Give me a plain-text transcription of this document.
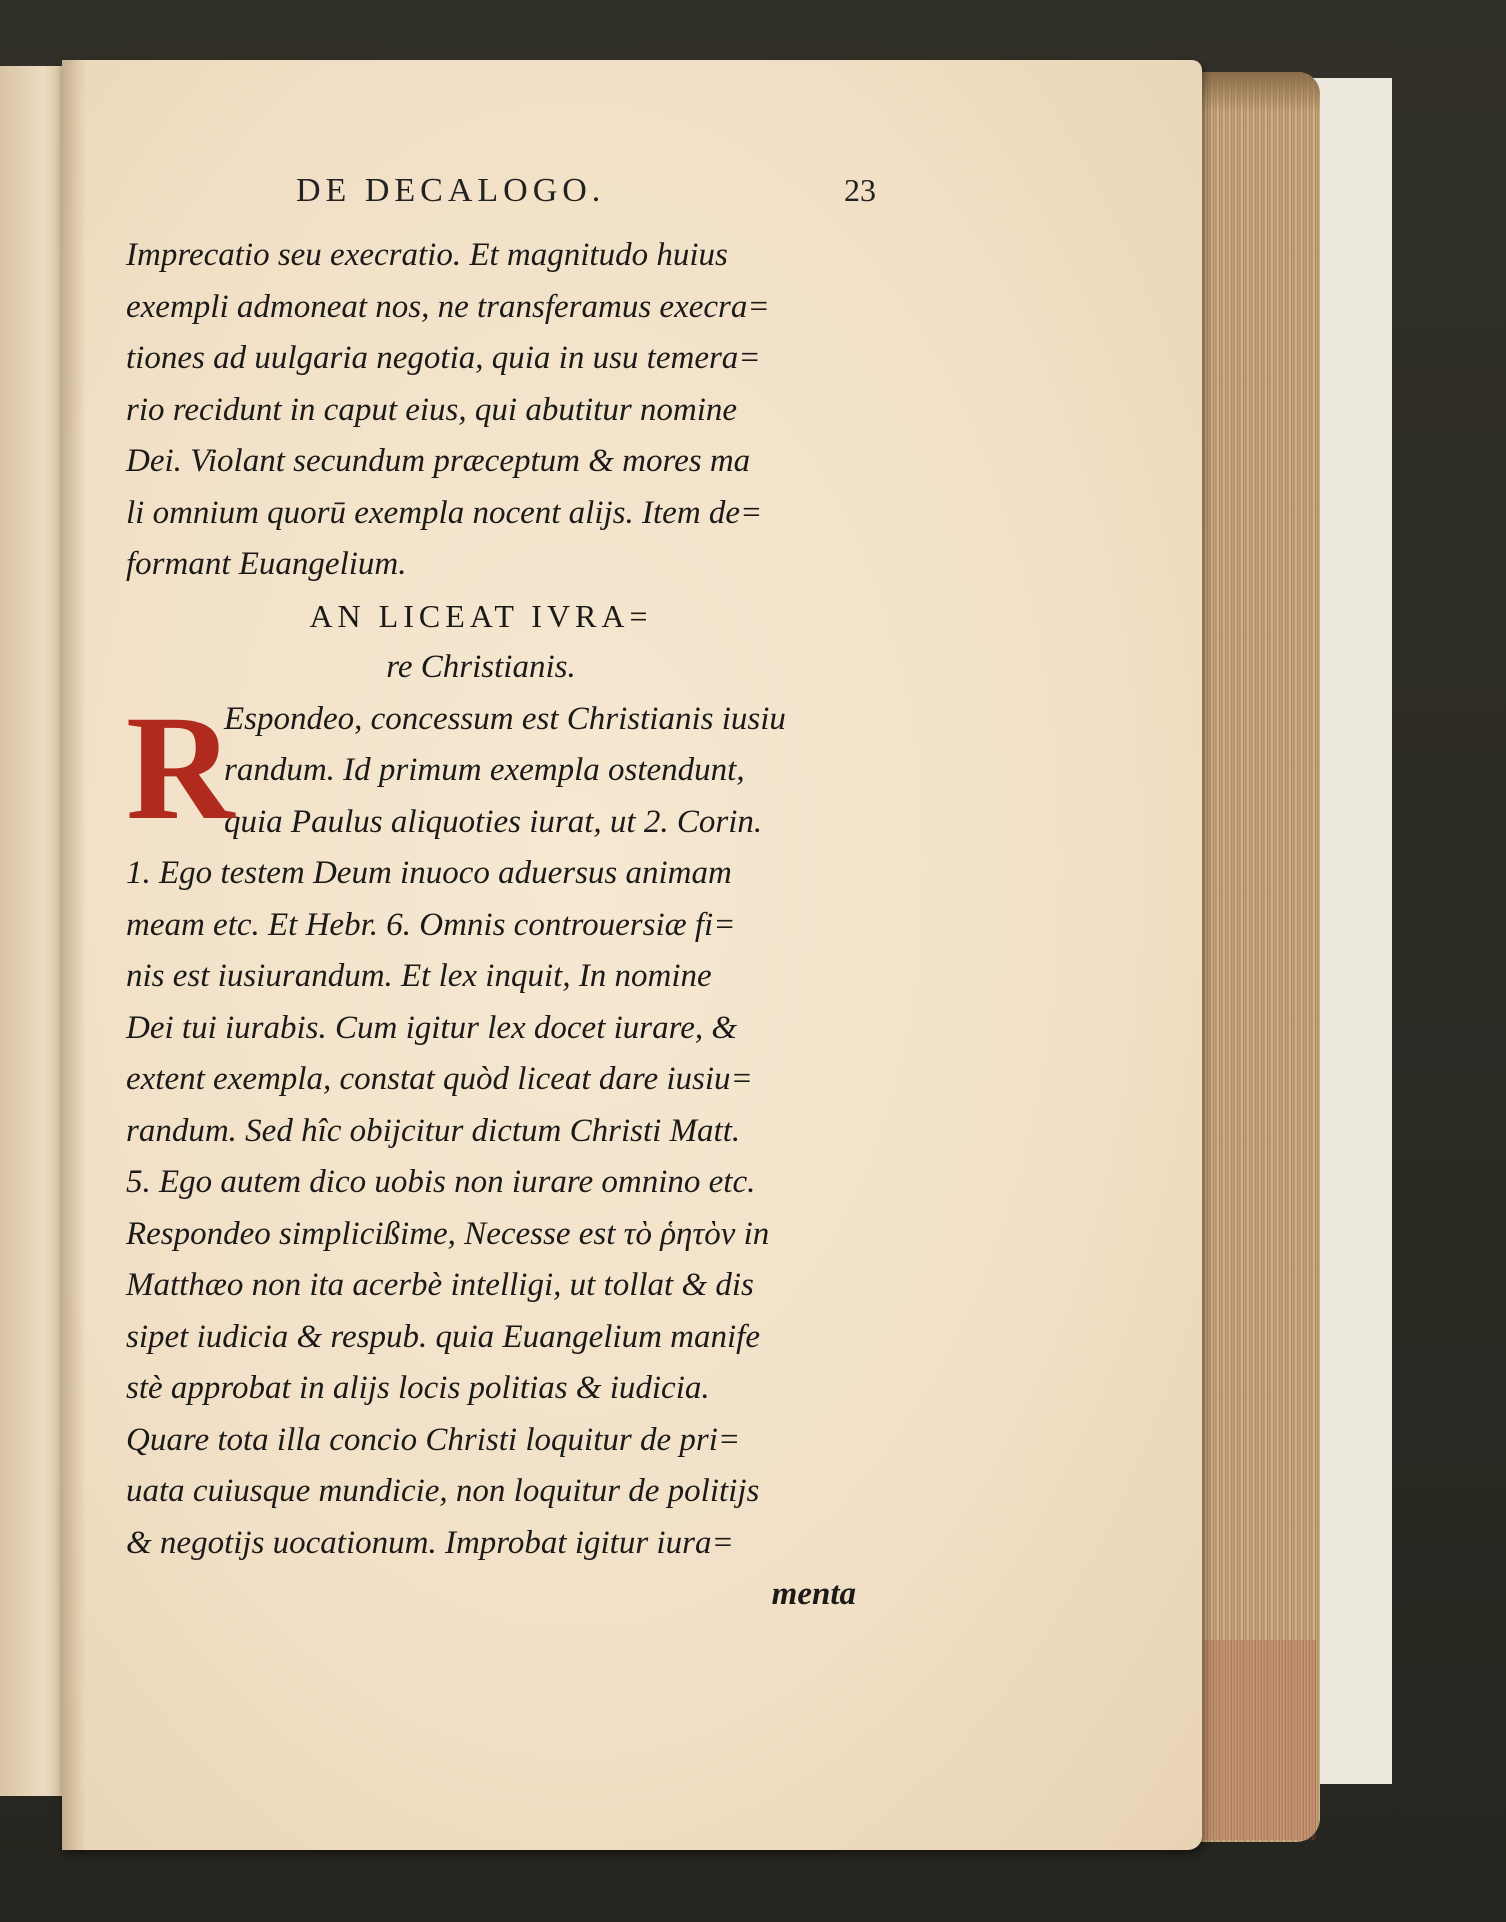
DE DECALOGO.	23
Imprecatio seu execratio. Et magnitudo huius
exempli admoneat nos, ne transferamus execra=
tiones ad uulgaria negotia, quia in usu temera=
rio recidunt in caput eius, qui abutitur nomine
Dei. Violant secundum præceptum & mores ma
li omnium quorū exempla nocent alijs. Item de=
formant Euangelium.
AN LICEAT IVRA=
re Christianis.
R
Espondeo, concessum est Christianis iusiu
randum. Id primum exempla ostendunt,
quia Paulus aliquoties iurat, ut 2. Corin.
1. Ego testem Deum inuoco aduersus animam
meam etc. Et Hebr. 6. Omnis controuersiæ fi=
nis est iusiurandum. Et lex inquit, In nomine
Dei tui iurabis. Cum igitur lex docet iurare, &
extent exempla, constat quòd liceat dare iusiu=
randum. Sed hîc obijcitur dictum Christi Matt.
5. Ego autem dico uobis non iurare omnino etc.
Respondeo simplicißime, Necesse est τὸ ῥητὸν in
Matthæo non ita acerbè intelligi, ut tollat & dis
sipet iudicia & respub. quia Euangelium manife
stè approbat in alijs locis politias & iudicia.
Quare tota illa concio Christi loquitur de pri=
uata cuiusque mundicie, non loquitur de politijs
& negotijs uocationum. Improbat igitur iura=
menta
